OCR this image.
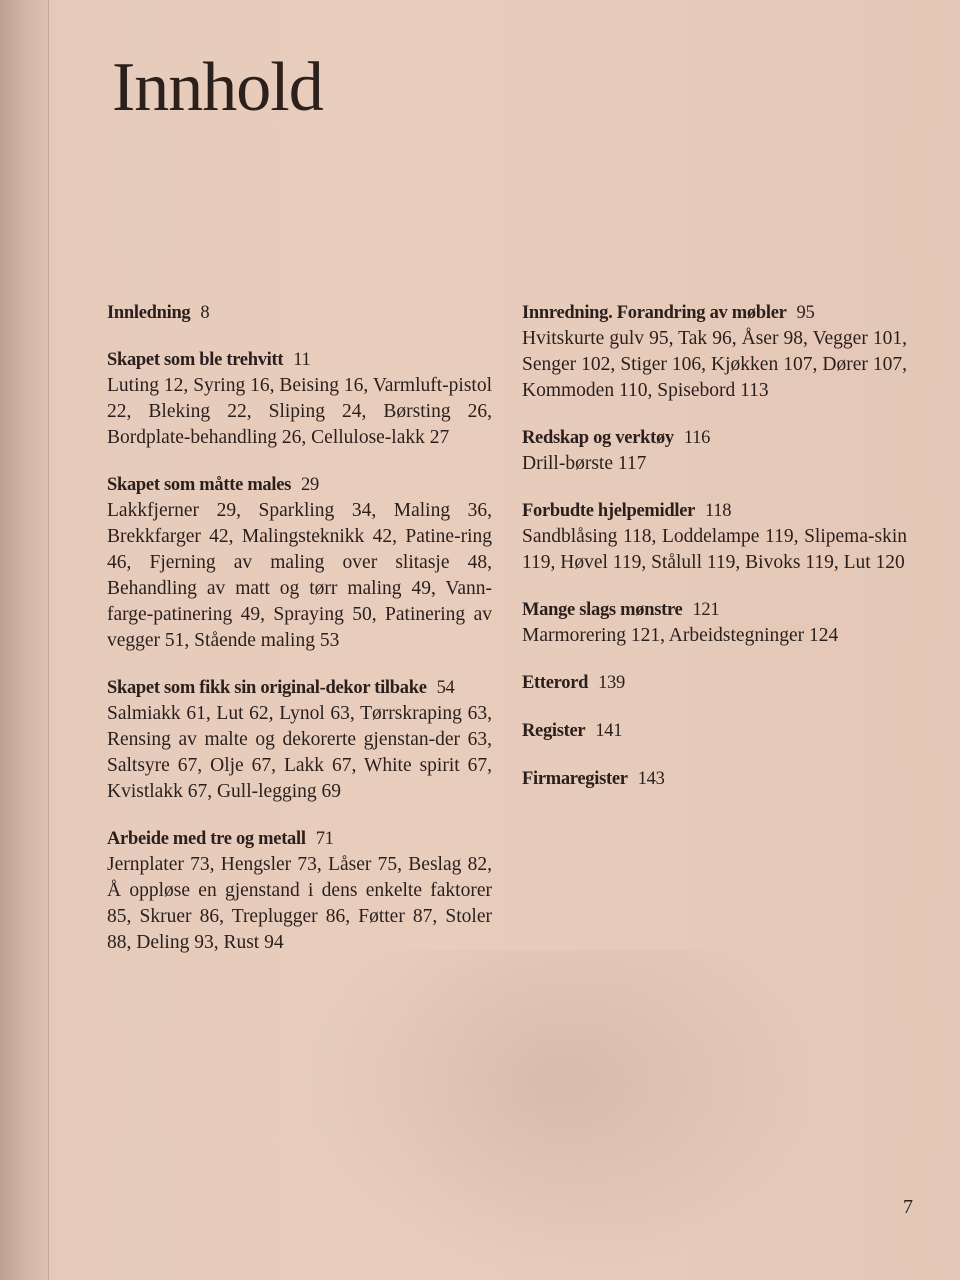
Innhold
Innledning 8
Skapet som ble trehvitt 11
Luting 12, Syring 16, Beising 16, Varmluft-pistol 22, Bleking 22, Sliping 24, Børsting 26, Bordplate-behandling 26, Cellulose-lakk 27
Skapet som måtte males 29
Lakkfjerner 29, Sparkling 34, Maling 36, Brekkfarger 42, Malingsteknikk 42, Patine-ring 46, Fjerning av maling over slitasje 48, Behandling av matt og tørr maling 49, Vann-farge-patinering 49, Spraying 50, Patinering av vegger 51, Stående maling 53
Skapet som fikk sin original-dekor tilbake 54
Salmiakk 61, Lut 62, Lynol 63, Tørrskraping 63, Rensing av malte og dekorerte gjenstan-der 63, Saltsyre 67, Olje 67, Lakk 67, White spirit 67, Kvistlakk 67, Gull-legging 69
Arbeide med tre og metall 71
Jernplater 73, Hengsler 73, Låser 75, Beslag 82, Å oppløse en gjenstand i dens enkelte faktorer 85, Skruer 86, Treplugger 86, Føtter 87, Stoler 88, Deling 93, Rust 94
Innredning. Forandring av møbler 95
Hvitskurte gulv 95, Tak 96, Åser 98, Vegger 101, Senger 102, Stiger 106, Kjøkken 107, Dører 107, Kommoden 110, Spisebord 113
Redskap og verktøy 116
Drill-børste 117
Forbudte hjelpemidler 118
Sandblåsing 118, Loddelampe 119, Slipema-skin 119, Høvel 119, Stålull 119, Bivoks 119, Lut 120
Mange slags mønstre 121
Marmorering 121, Arbeidstegninger 124
Etterord 139
Register 141
Firmaregister 143
7
